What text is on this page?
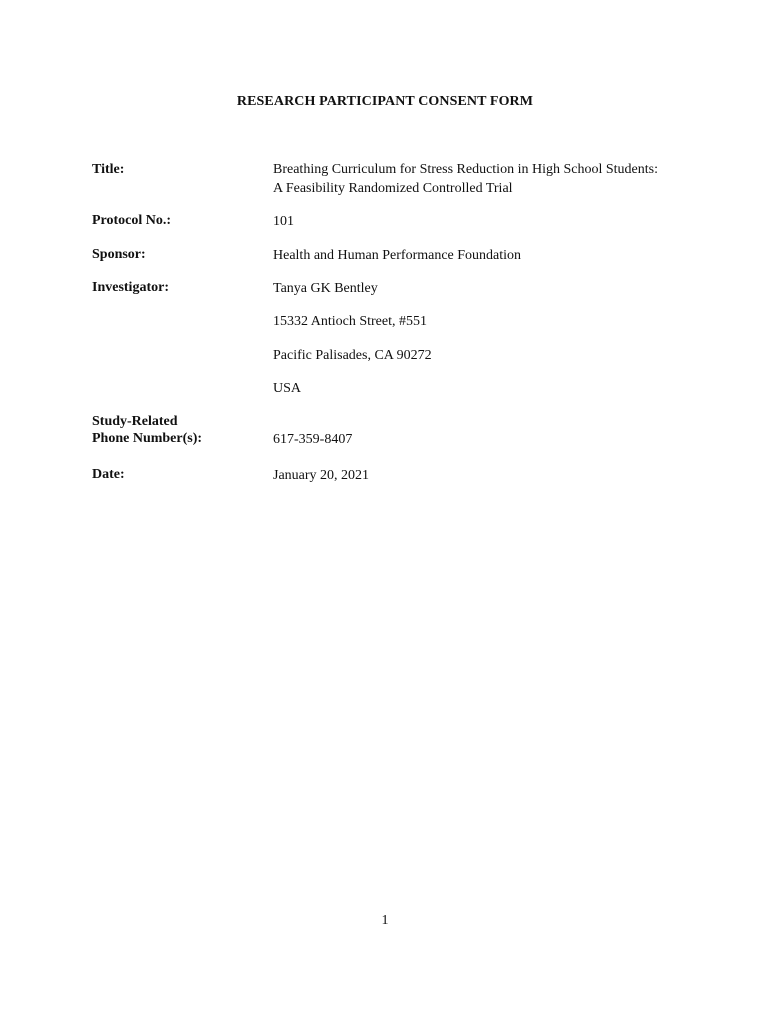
RESEARCH PARTICIPANT CONSENT FORM
Title:	Breathing Curriculum for Stress Reduction in High School Students:
A Feasibility Randomized Controlled Trial
Protocol No.:	101
Sponsor:	Health and Human Performance Foundation
Investigator:	Tanya GK Bentley
15332 Antioch Street, #551
Pacific Palisades, CA 90272
USA
Study-Related
Phone Number(s):	617-359-8407
Date:	January 20, 2021
1
